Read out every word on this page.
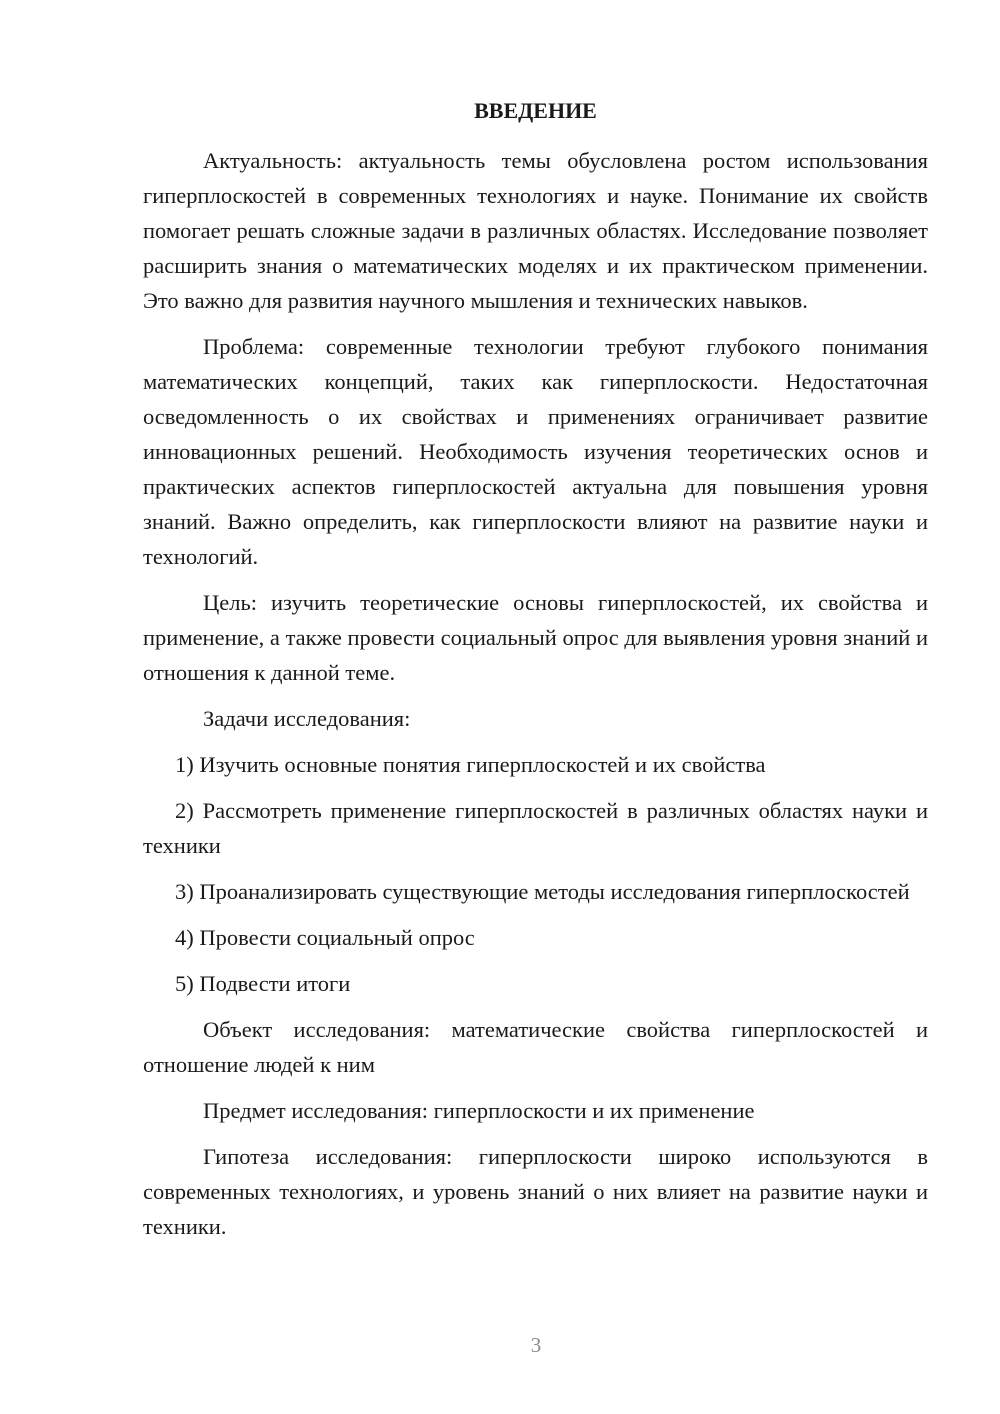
ВВЕДЕНИЕ

Актуальность: актуальность темы обусловлена ростом использования гиперплоскостей в современных технологиях и науке. Понимание их свойств помогает решать сложные задачи в различных областях. Исследование позволяет расширить знания о математических моделях и их практическом применении. Это важно для развития научного мышления и технических навыков.

Проблема: современные технологии требуют глубокого понимания математических концепций, таких как гиперплоскости. Недостаточная осведомленность о их свойствах и применениях ограничивает развитие инновационных решений. Необходимость изучения теоретических основ и практических аспектов гиперплоскостей актуальна для повышения уровня знаний. Важно определить, как гиперплоскости влияют на развитие науки и технологий.

Цель: изучить теоретические основы гиперплоскостей, их свойства и применение, а также провести социальный опрос для выявления уровня знаний и отношения к данной теме.

Задачи исследования:

1) Изучить основные понятия гиперплоскостей и их свойства

2) Рассмотреть применение гиперплоскостей в различных областях науки и техники

3) Проанализировать существующие методы исследования гиперплоскостей

4) Провести социальный опрос

5) Подвести итоги

Объект исследования: математические свойства гиперплоскостей и отношение людей к ним

Предмет исследования: гиперплоскости и их применение

Гипотеза исследования: гиперплоскости широко используются в современных технологиях, и уровень знаний о них влияет на развитие науки и техники.

3
